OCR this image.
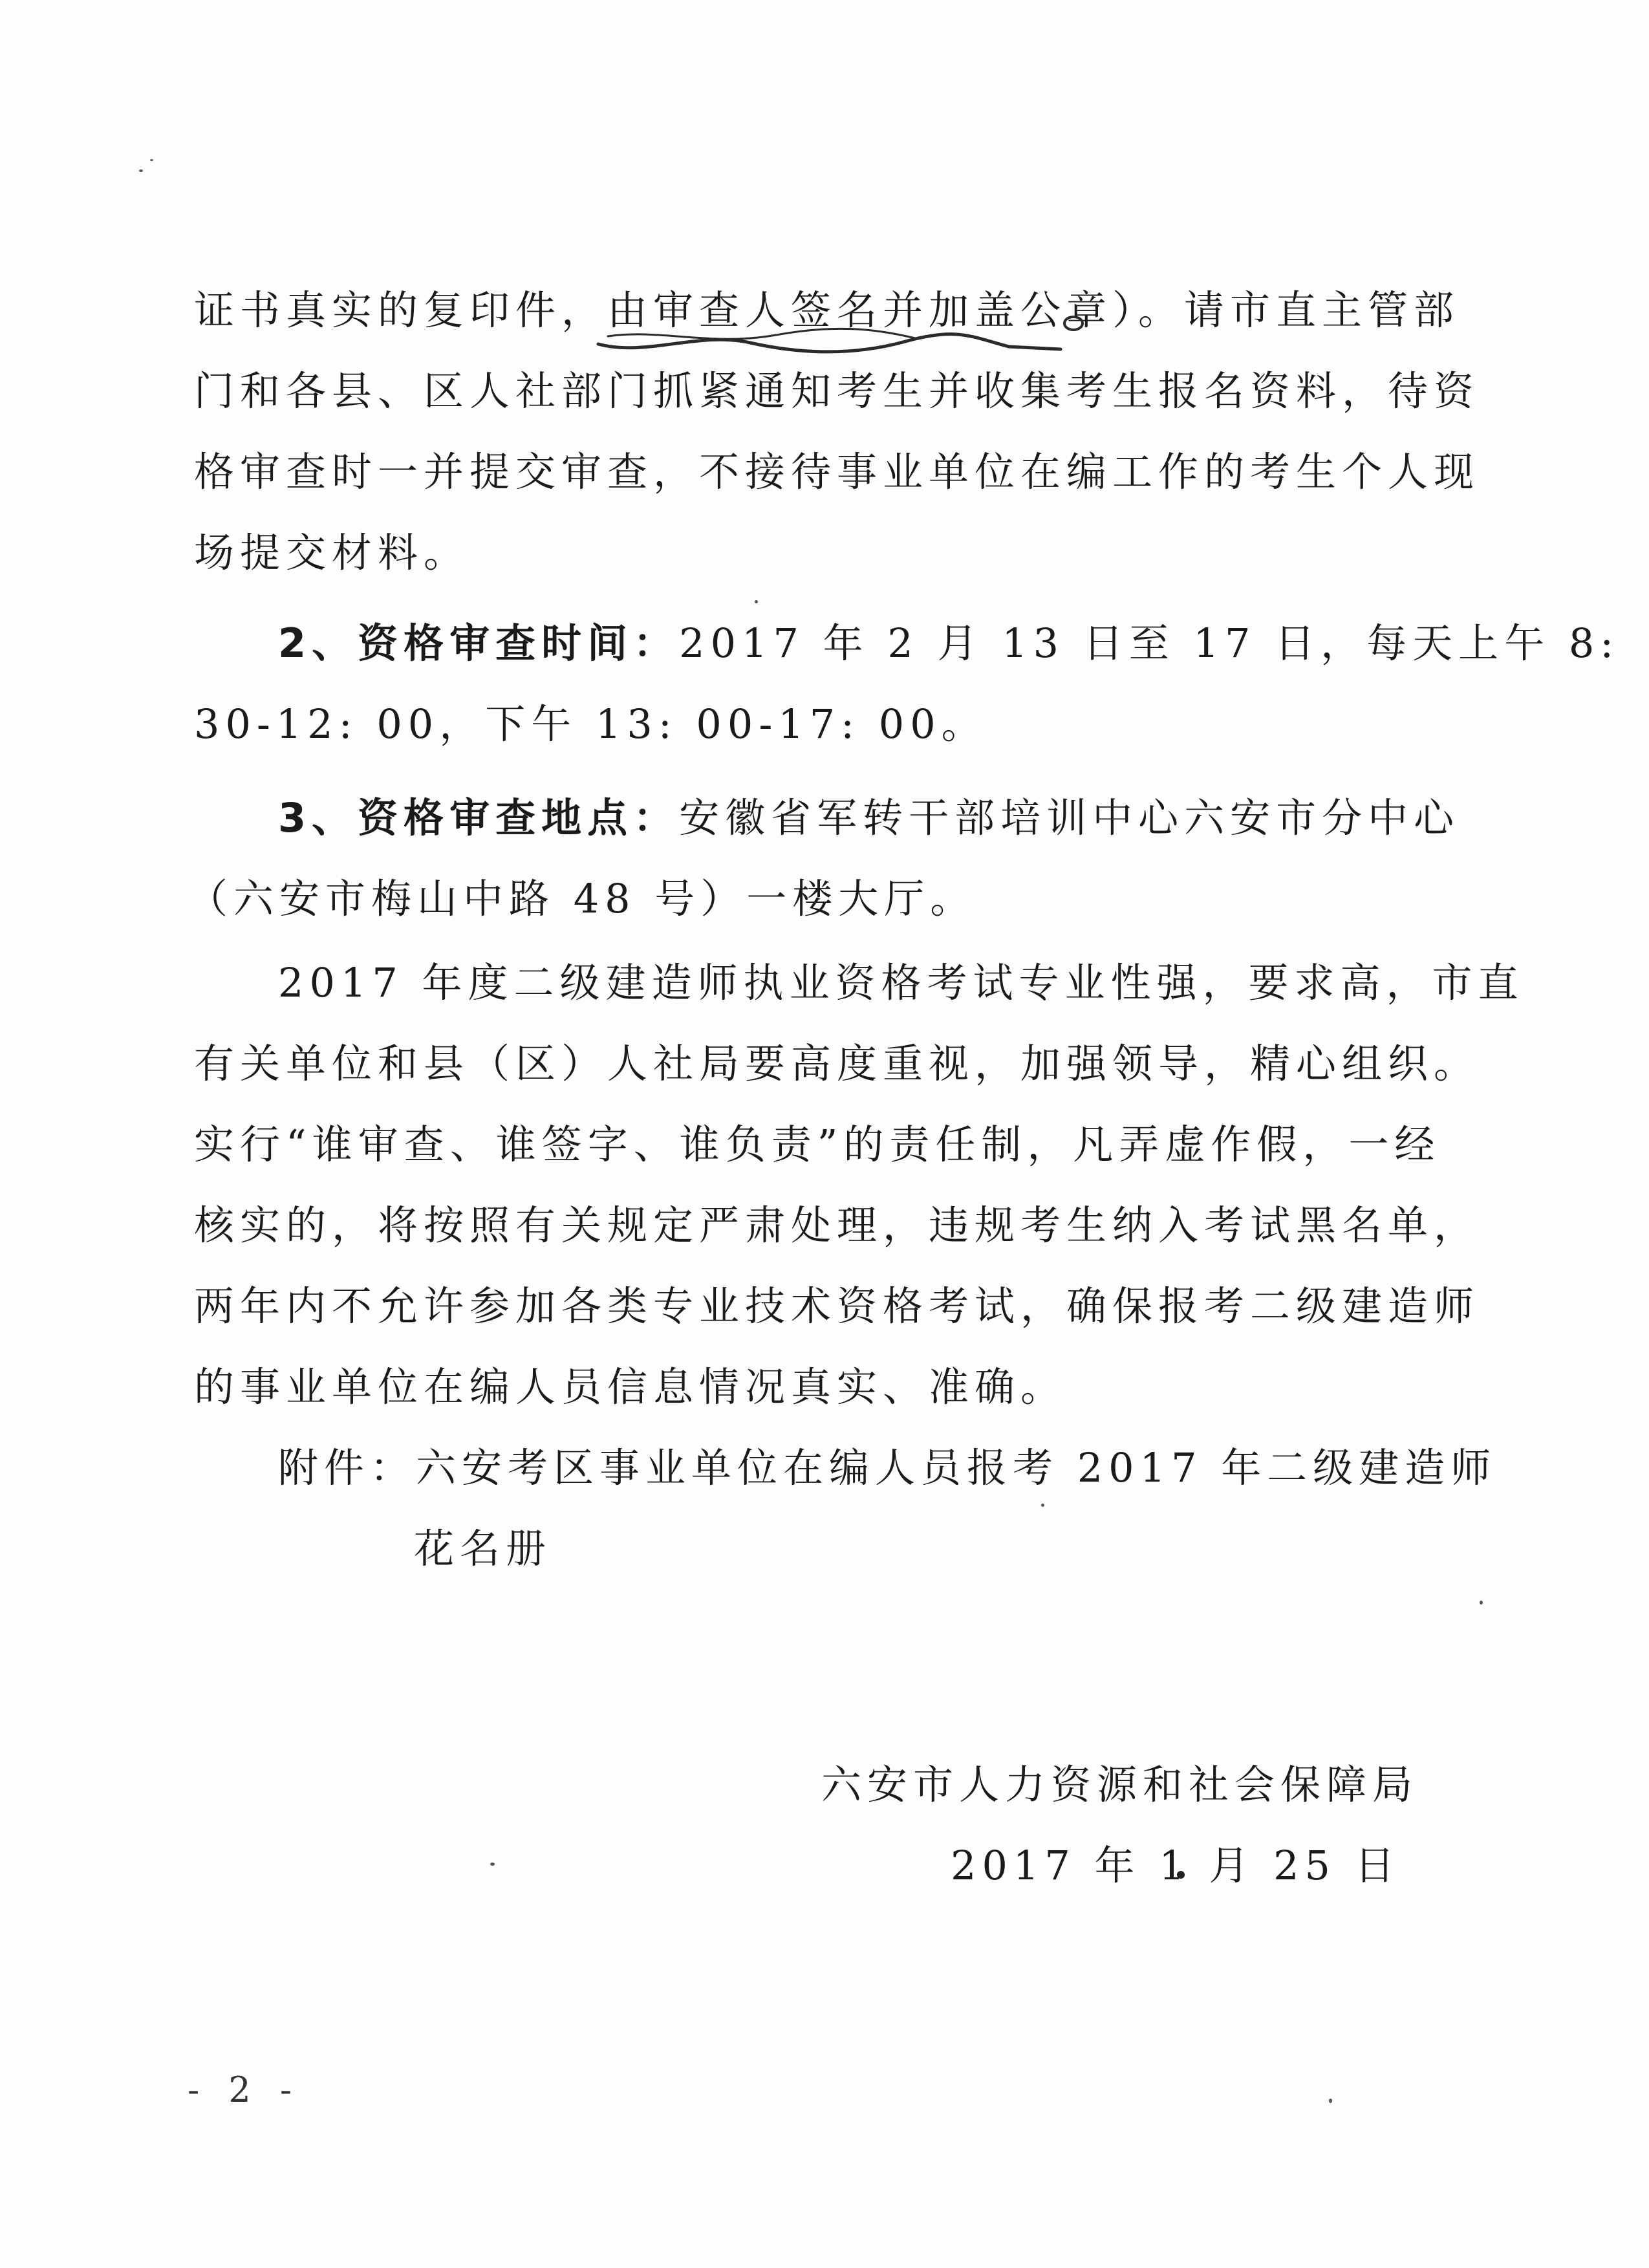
证书真实的复印件，由审查人签名并加盖公章）。请市直主管部
门和各县、区人社部门抓紧通知考生并收集考生报名资料，待资
格审查时一并提交审查，不接待事业单位在编工作的考生个人现
场提交材料。
2、资格审查时间：2017 年 2 月 13 日至 17 日，每天上午 8:
30-12: 00，下午 13: 00-17: 00。
3、资格审查地点：安徽省军转干部培训中心六安市分中心
（六安市梅山中路 48 号）一楼大厅。
2017 年度二级建造师执业资格考试专业性强，要求高，市直
有关单位和县（区）人社局要高度重视，加强领导，精心组织。
实行“谁审查、谁签字、谁负责”的责任制，凡弄虚作假，一经
核实的，将按照有关规定严肃处理，违规考生纳入考试黑名单，
两年内不允许参加各类专业技术资格考试，确保报考二级建造师
的事业单位在编人员信息情况真实、准确。
附件：六安考区事业单位在编人员报考 2017 年二级建造师
花名册
六安市人力资源和社会保障局
2017 年 1 月 25 日
- 2 -
